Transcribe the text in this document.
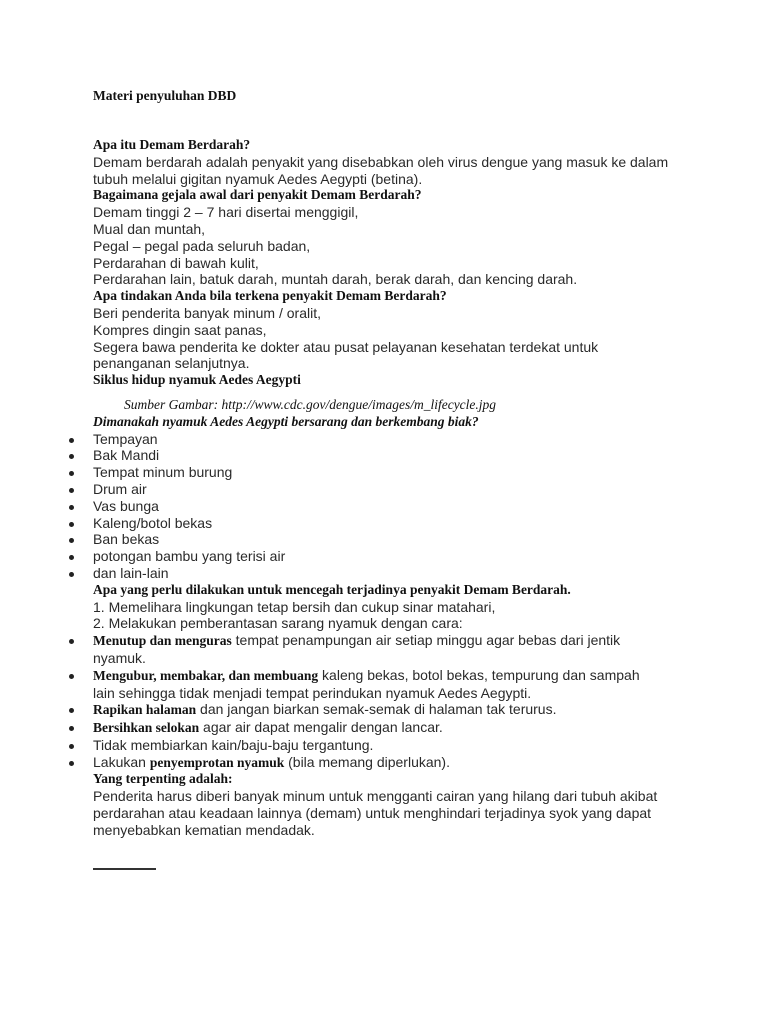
Materi penyuluhan DBD

Apa itu Demam Berdarah?

Demam berdarah adalah penyakit yang disebabkan oleh virus dengue yang masuk ke dalam tubuh melalui gigitan nyamuk Aedes Aegypti (betina).

Bagaimana gejala awal dari penyakit Demam Berdarah?

Demam tinggi 2 – 7 hari disertai menggigil,

Mual dan muntah,

Pegal – pegal pada seluruh badan,

Perdarahan di bawah kulit,

Perdarahan lain, batuk darah, muntah darah, berak darah, dan kencing darah.

Apa tindakan Anda bila terkena penyakit Demam Berdarah?

Beri penderita banyak minum / oralit,

Kompres dingin saat panas,

Segera bawa penderita ke dokter atau pusat pelayanan kesehatan terdekat untuk penanganan selanjutnya.

Siklus hidup nyamuk Aedes Aegypti

Sumber Gambar: http://www.cdc.gov/dengue/images/m_lifecycle.jpg

Dimanakah nyamuk Aedes Aegypti bersarang dan berkembang biak?

Tempayan
Bak Mandi
Tempat minum burung
Drum air
Vas bunga
Kaleng/botol bekas
Ban bekas
potongan bambu yang terisi air
dan lain-lain

Apa yang perlu dilakukan untuk mencegah terjadinya penyakit Demam Berdarah.

1. Memelihara lingkungan tetap bersih dan cukup sinar matahari,

2. Melakukan pemberantasan sarang nyamuk dengan cara:

Menutup dan menguras tempat penampungan air setiap minggu agar bebas dari jentik nyamuk.
Mengubur, membakar, dan membuang kaleng bekas, botol bekas, tempurung dan sampah lain sehingga tidak menjadi tempat perindukan nyamuk Aedes Aegypti.
Rapikan halaman dan jangan biarkan semak-semak di halaman tak terurus.
Bersihkan selokan agar air dapat mengalir dengan lancar.
Tidak membiarkan kain/baju-baju tergantung.
Lakukan penyemprotan nyamuk (bila memang diperlukan).

Yang terpenting adalah:

Penderita harus diberi banyak minum untuk mengganti cairan yang hilang dari tubuh akibat perdarahan atau keadaan lainnya (demam) untuk menghindari terjadinya syok yang dapat menyebabkan kematian mendadak.
